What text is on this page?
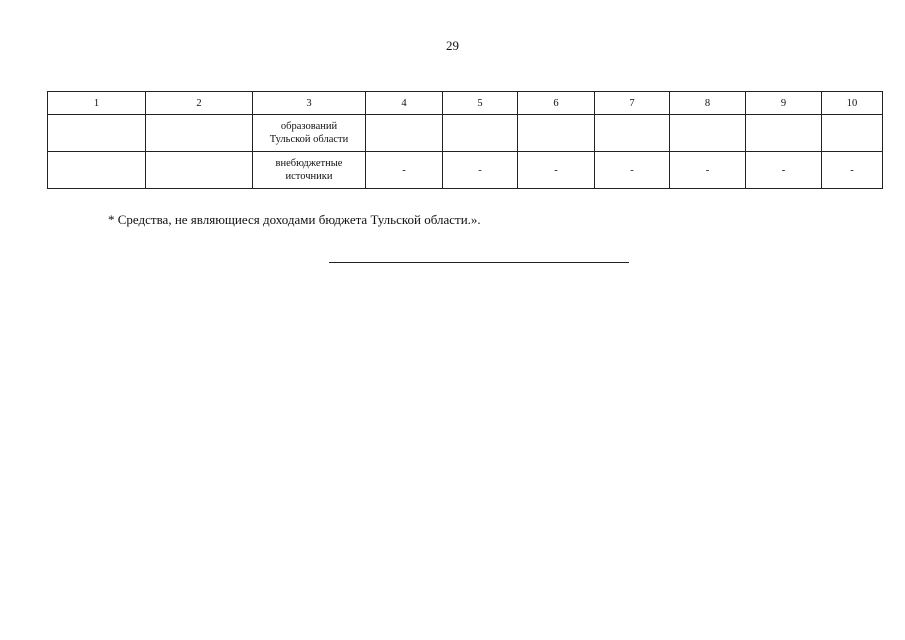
29
1	2	3	4	5	6	7	8	9	10
		образований
Тульской области							
		внебюджетные
источники	-	-	-	-	-	-	-
* Средства, не являющиеся доходами бюджета Тульской области.».
